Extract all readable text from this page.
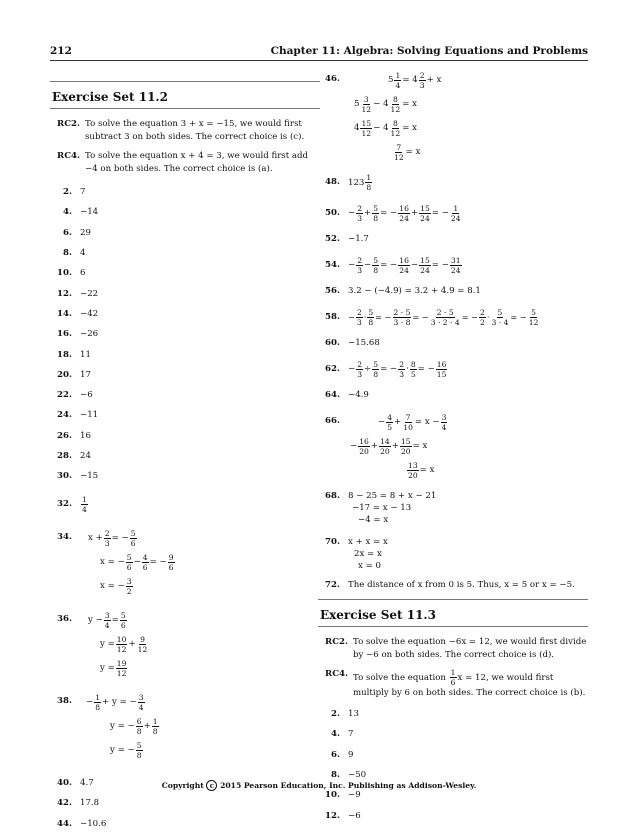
212	Chapter 11: Algebra: Solving Equations and Problems
Exercise Set 11.2
RC2. To solve the equation 3 + x = −15, we would first subtract 3 on both sides. The correct choice is (c).
RC4. To solve the equation x + 4 = 3, we would first add −4 on both sides. The correct choice is (a).
2. 7
4. −14
6. 29
8. 4
10. 6
12. −22
14. −42
16. −26
18. 11
20. 17
22. −6
24. −11
26. 16
28. 24
30. −15
32.	$\frac{1}{4}$
34.	$x + \frac{2}{3}$ = − $\frac{5}{6}$
x = − $\frac{5}{6} - \frac{4}{6}$ = − $\frac{9}{6}$
x = − $\frac{3}{2}$
36.	$y - \frac{3}{4} = \frac{5}{6}$
$y = \frac{10}{12} + \frac{9}{12}$
$y = \frac{19}{12}$
38.	− $\frac{1}{8} + y$ = − $\frac{3}{4}$
y = − $\frac{6}{8} + \frac{1}{8}$
y = − $\frac{5}{8}$
40. 4.7
42. 17.8
44. −10.6
46.	$5 \frac{1}{4} = 4 \frac{2}{3} + x$
$5 \frac{3}{12} - 4 \frac{8}{12} = x$
$4 \frac{15}{12} - 4 \frac{8}{12} = x$
$\frac{7}{12} = x$
48. $123 \frac{1}{8}$
50. − $\frac{2}{3} + \frac{5}{8}$ = − $\frac{16}{24} + \frac{15}{24}$ = − $\frac{1}{24}$
52. −1.7
54. − $\frac{2}{3} - \frac{5}{8}$ = − $\frac{16}{24} - \frac{15}{24}$ = − $\frac{31}{24}$
56. 3.2 − (−4.9) = 3.2 + 4.9 = 8.1
58. − $\frac{2}{3} \cdot \frac{5}{8}$ = − $\frac{2 \cdot 5}{3 \cdot 8}$ = − $\frac{2 \cdot 5}{3 \cdot 2 \cdot 4}$ = − $\frac{2}{2} \cdot \frac{5}{3 \cdot 4}$ = − $\frac{5}{12}$
60. −15.68
62. − $\frac{2}{3} \div \frac{5}{8}$ = − $\frac{2}{3} \cdot \frac{8}{5}$ = − $\frac{16}{15}$
64. −4.9
66.	− $\frac{4}{5} + \frac{7}{10} = x - \frac{3}{4}$
− $\frac{16}{20} + \frac{14}{20} + \frac{15}{20} = x$
$\frac{13}{20} = x$
68. 8 − 25 = 8 + x − 21
−17 = x − 13
−4 = x
70. x + x = x
2x = x
x = 0
72. The distance of x from 0 is 5. Thus, x = 5 or x = −5.
Exercise Set 11.3
RC2. To solve the equation −6x = 12, we would first divide by −6 on both sides. The correct choice is (d).
RC4. To solve the equation $\frac{1}{6}$ x = 12, we would first multiply by 6 on both sides. The correct choice is (b).
2. 13
4. 7
6. 9
8. −50
10. −9
12. −6
Copyright c 2015 Pearson Education, Inc. Publishing as Addison-Wesley.
